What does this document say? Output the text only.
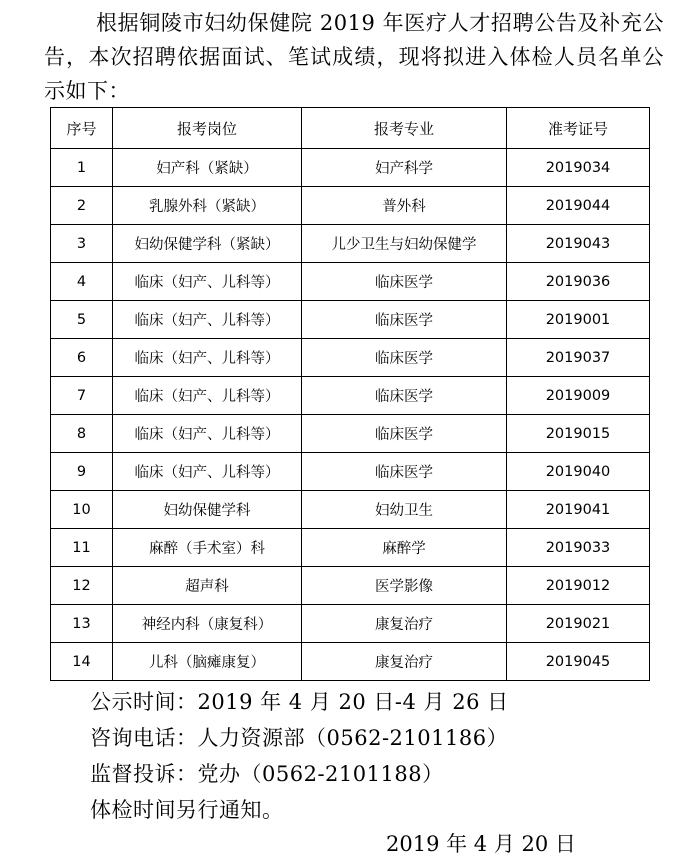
根据铜陵市妇幼保健院 2019 年医疗人才招聘公告及补充公告，本次招聘依据面试、笔试成绩，现将拟进入体检人员名单公示如下：

序号	报考岗位	报考专业	准考证号
1	妇产科（紧缺）	妇产科学	2019034
2	乳腺外科（紧缺）	普外科	2019044
3	妇幼保健学科（紧缺）	儿少卫生与妇幼保健学	2019043
4	临床（妇产、儿科等）	临床医学	2019036
5	临床（妇产、儿科等）	临床医学	2019001
6	临床（妇产、儿科等）	临床医学	2019037
7	临床（妇产、儿科等）	临床医学	2019009
8	临床（妇产、儿科等）	临床医学	2019015
9	临床（妇产、儿科等）	临床医学	2019040
10	妇幼保健学科	妇幼卫生	2019041
11	麻醉（手术室）科	麻醉学	2019033
12	超声科	医学影像	2019012
13	神经内科（康复科）	康复治疗	2019021
14	儿科（脑瘫康复）	康复治疗	2019045
公示时间：2019 年 4 月 20 日-4 月 26 日
咨询电话：人力资源部（0562-2101186）
监督投诉：党办（0562-2101188）
体检时间另行通知。
2019 年 4 月 20 日
